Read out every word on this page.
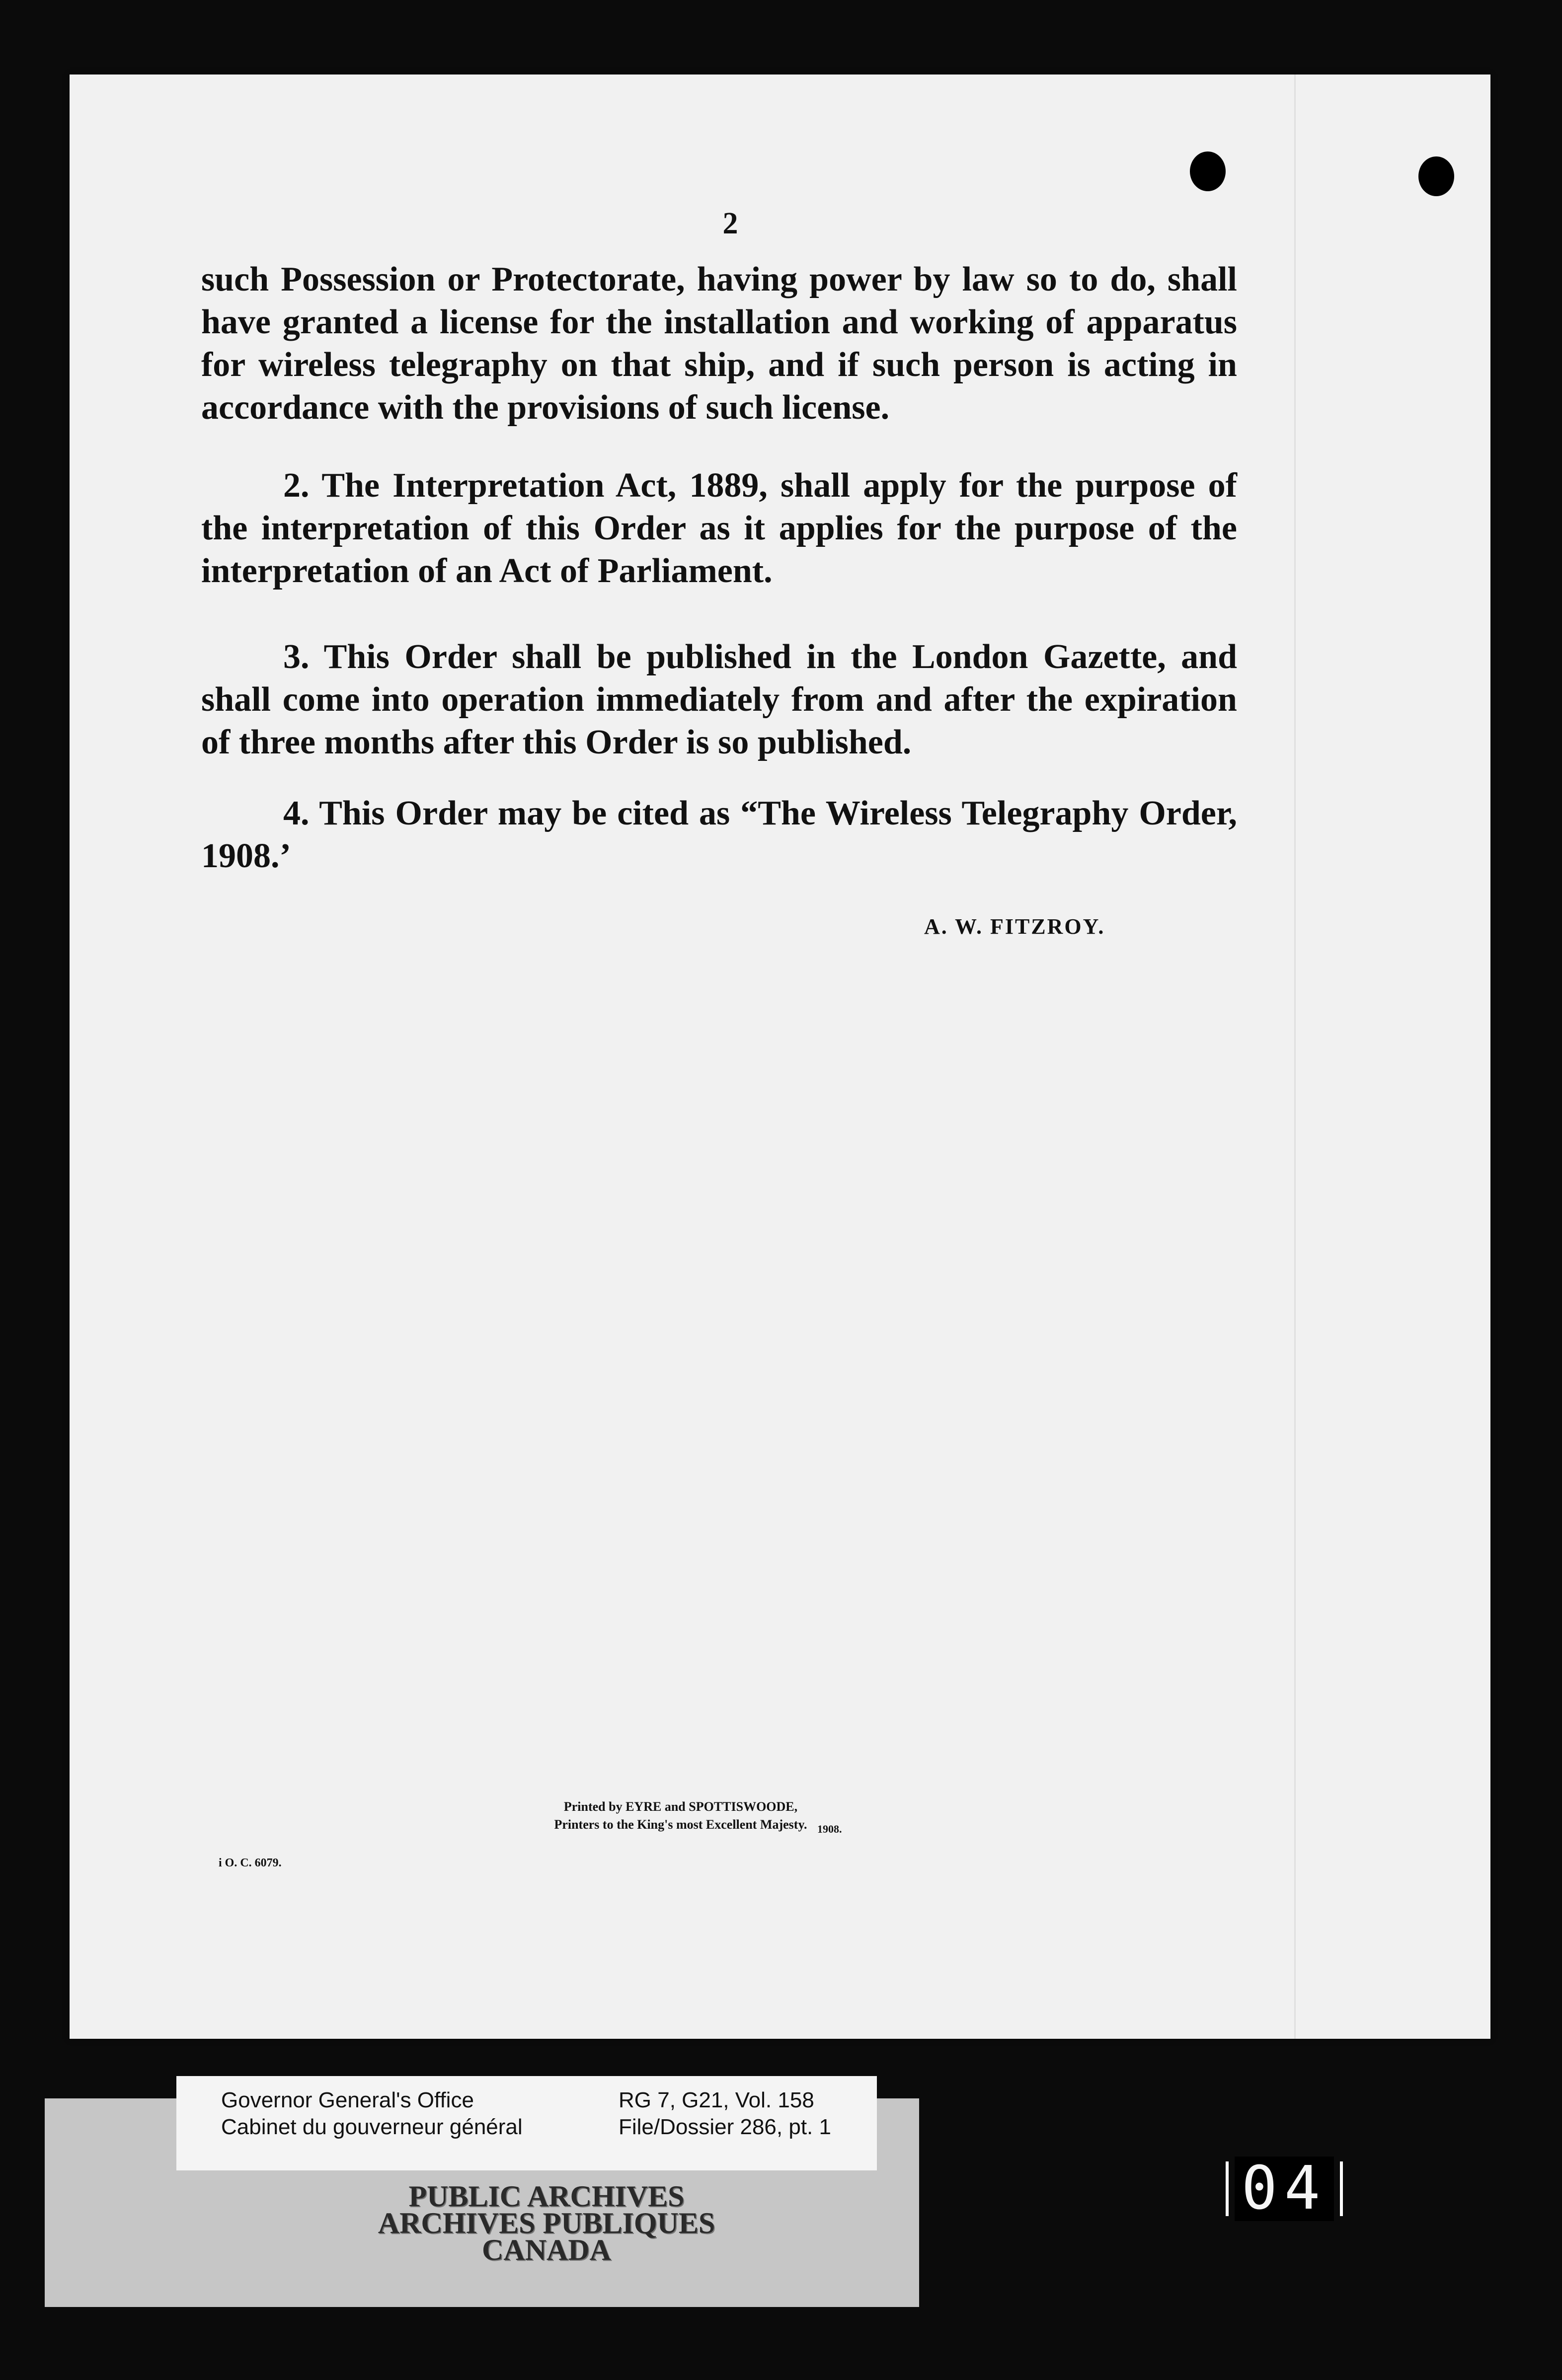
2
such Possession or Protectorate, having power by law so to do, shall have granted a license for the installation and working of apparatus for wireless telegraphy on that ship, and if such person is acting in accordance with the provisions of such license.
2. The Interpretation Act, 1889, shall apply for the purpose of the interpretation of this Order as it applies for the purpose of the interpretation of an Act of Parliament.
3. This Order shall be published in the London Gazette, and shall come into operation immediately from and after the expiration of three months after this Order is so published.
4. This Order may be cited as “The Wireless Telegraphy Order, 1908.’
A. W. FITZROY.
Printed by EYRE and SPOTTISWOODE,
Printers to the King's most Excellent Majesty. 1908.
i O. C. 6079.
Governor General's Office
Cabinet du gouverneur général
RG 7, G21, Vol. 158
File/Dossier 286, pt. 1
PUBLIC ARCHIVES
ARCHIVES PUBLIQUES
CANADA
04
